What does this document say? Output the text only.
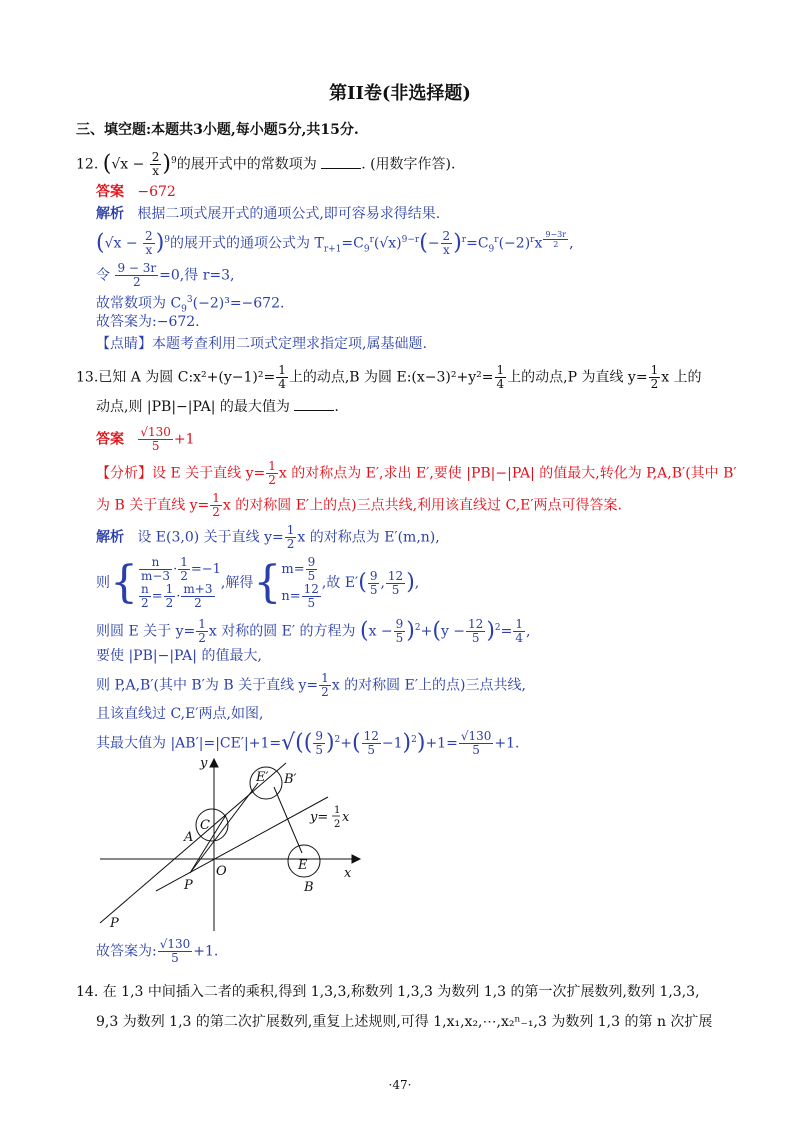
第II卷(非选择题)
三、填空题:本题共3小题,每小题5分,共15分.
12. $(√x - \frac{2}{x} )^9$的展开式中的常数项为	. (用数字作答).
答案 −672
解析 根据二项式展开式的通项公式,即可容易求得结果.
$(√x - \frac{2}{x} )^9$的展开式的通项公式为 $T_{r+1}=C_9^r(√x)^{9-r}(- \frac{2}{x} )^r=C_9^r(-2)^rx$ $^{\frac{9-3r}{2}}$ ,
令 $\frac{9 - 3r}{2} =0$,得 r=3,
故常数项为 $C_9^3(-2)^3=-672$.
故答案为:−672.
【点睛】本题考查利用二项式定理求指定项,属基础题.
13.已知 A 为圆 C:x²+(y−1)²= $\frac{1}{4}$ 上的动点,B 为圆 E:(x−3)²+y²= $\frac{1}{4}$ 上的动点,P 为直线 $y= \frac{1}{2}$ x 上的
动点,则 |PB|−|PA| 的最大值为	.
答案 $\frac{√130}{5} +1$
【分析】设 E 关于直线 $y= \frac{1}{2}$ x 的对称点为 E′,求出 E′,要使 |PB|−|PA| 的值最大,转化为 P,A,B′(其中 B′
为 B 关于直线 $y= \frac{1}{2}$ x 的对称圆 E′上的点)三点共线,利用该直线过 C,E′两点可得答案.
解析 设 E(3,0) 关于直线 $y= \frac{1}{2}$ x 的对称点为 E′(m,n),
则{ $\frac{n}{m-3} \cdot \frac{1}{2} =-1$
$\frac{n}{2} = \frac{1}{2} \cdot \frac{m+3}{2}$ ,解得{ $m= \frac{9}{5}$
$n= \frac{12}{5}$ ,故 $E'( \frac{9}{5}$ , $\frac{12}{5}$ ),
则圆 E 关于 $y= \frac{1}{2}$ x 对称的圆 E′ 的方程为 $(x - \frac{9}{5} )^2+(y - \frac{12}{5} )^2= \frac{1}{4}$ ,
要使 |PB|−|PA| 的值最大,
则 P,A,B′(其中 B′为 B 关于直线 $y= \frac{1}{2}$ x 的对称圆 E′上的点)三点共线,
且该直线过 C,E′两点,如图,
其最大值为 $|AB'|=|CE'|+1=√(( \frac{9}{5} )^2+( \frac{12}{5} -1)^2)+1= \frac{√130}{5} +1$.
y
x
O
C
A
P
P
E
B
E′ B′
y= 1
2 x
故答案为: $\frac{√130}{5} +1$.
14. 在 1,3 中间插入二者的乘积,得到 1,3,3,称数列 1,3,3 为数列 1,3 的第一次扩展数列,数列 1,3,3,
9,3 为数列 1,3 的第二次扩展数列,重复上述规则,可得 1,x₁,x₂,⋯,x₂ⁿ₋₁,3 为数列 1,3 的第 n 次扩展
·47·
